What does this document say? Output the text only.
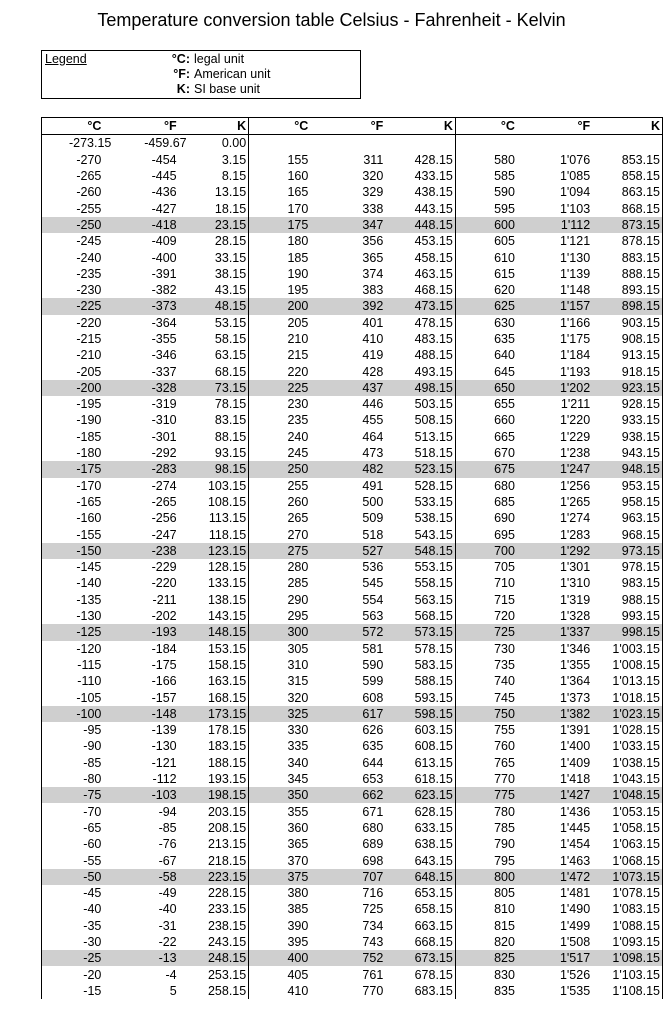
Temperature conversion table Celsius - Fahrenheit - Kelvin
Legend	°C: legal unit
°F: American unit
K: SI base unit
°C	°F	K	°C	°F	K	°C	°F	K
-273.15	-459.67	0.00						
-270	-454	3.15	155	311	428.15	580	1'076	853.15
-265	-445	8.15	160	320	433.15	585	1'085	858.15
-260	-436	13.15	165	329	438.15	590	1'094	863.15
-255	-427	18.15	170	338	443.15	595	1'103	868.15
-250	-418	23.15	175	347	448.15	600	1'112	873.15
-245	-409	28.15	180	356	453.15	605	1'121	878.15
-240	-400	33.15	185	365	458.15	610	1'130	883.15
-235	-391	38.15	190	374	463.15	615	1'139	888.15
-230	-382	43.15	195	383	468.15	620	1'148	893.15
-225	-373	48.15	200	392	473.15	625	1'157	898.15
-220	-364	53.15	205	401	478.15	630	1'166	903.15
-215	-355	58.15	210	410	483.15	635	1'175	908.15
-210	-346	63.15	215	419	488.15	640	1'184	913.15
-205	-337	68.15	220	428	493.15	645	1'193	918.15
-200	-328	73.15	225	437	498.15	650	1'202	923.15
-195	-319	78.15	230	446	503.15	655	1'211	928.15
-190	-310	83.15	235	455	508.15	660	1'220	933.15
-185	-301	88.15	240	464	513.15	665	1'229	938.15
-180	-292	93.15	245	473	518.15	670	1'238	943.15
-175	-283	98.15	250	482	523.15	675	1'247	948.15
-170	-274	103.15	255	491	528.15	680	1'256	953.15
-165	-265	108.15	260	500	533.15	685	1'265	958.15
-160	-256	113.15	265	509	538.15	690	1'274	963.15
-155	-247	118.15	270	518	543.15	695	1'283	968.15
-150	-238	123.15	275	527	548.15	700	1'292	973.15
-145	-229	128.15	280	536	553.15	705	1'301	978.15
-140	-220	133.15	285	545	558.15	710	1'310	983.15
-135	-211	138.15	290	554	563.15	715	1'319	988.15
-130	-202	143.15	295	563	568.15	720	1'328	993.15
-125	-193	148.15	300	572	573.15	725	1'337	998.15
-120	-184	153.15	305	581	578.15	730	1'346	1'003.15
-115	-175	158.15	310	590	583.15	735	1'355	1'008.15
-110	-166	163.15	315	599	588.15	740	1'364	1'013.15
-105	-157	168.15	320	608	593.15	745	1'373	1'018.15
-100	-148	173.15	325	617	598.15	750	1'382	1'023.15
-95	-139	178.15	330	626	603.15	755	1'391	1'028.15
-90	-130	183.15	335	635	608.15	760	1'400	1'033.15
-85	-121	188.15	340	644	613.15	765	1'409	1'038.15
-80	-112	193.15	345	653	618.15	770	1'418	1'043.15
-75	-103	198.15	350	662	623.15	775	1'427	1'048.15
-70	-94	203.15	355	671	628.15	780	1'436	1'053.15
-65	-85	208.15	360	680	633.15	785	1'445	1'058.15
-60	-76	213.15	365	689	638.15	790	1'454	1'063.15
-55	-67	218.15	370	698	643.15	795	1'463	1'068.15
-50	-58	223.15	375	707	648.15	800	1'472	1'073.15
-45	-49	228.15	380	716	653.15	805	1'481	1'078.15
-40	-40	233.15	385	725	658.15	810	1'490	1'083.15
-35	-31	238.15	390	734	663.15	815	1'499	1'088.15
-30	-22	243.15	395	743	668.15	820	1'508	1'093.15
-25	-13	248.15	400	752	673.15	825	1'517	1'098.15
-20	-4	253.15	405	761	678.15	830	1'526	1'103.15
-15	5	258.15	410	770	683.15	835	1'535	1'108.15
